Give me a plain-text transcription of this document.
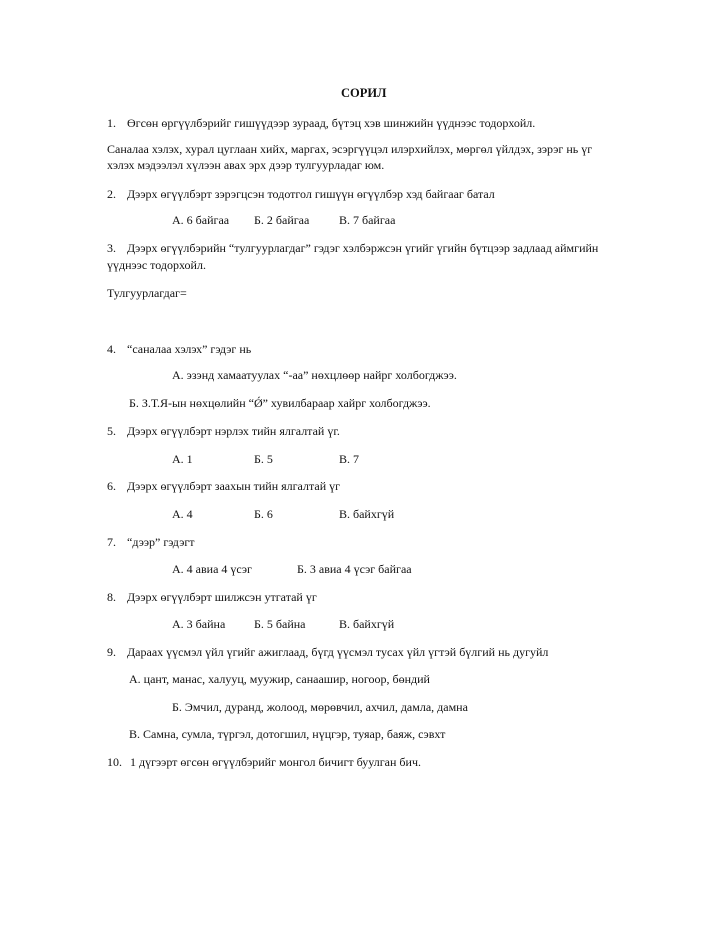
СОРИЛ
1. Өгсөн өргүүлбэрийг гишүүдээр зураад, бүтэц хэв шинжийн үүднээс тодорхойл.
Саналаа хэлэх, хурал цуглаан хийх, маргах, эсэргүүцэл илэрхийлэх, мөргөл үйлдэх, зэрэг нь үг
хэлэх мэдээлэл хүлээн авах эрх дээр тулгуурладаг юм.
2. Дээрх өгүүлбэрт зэрэгцсэн тодотгол гишүүн өгүүлбэр хэд байгааг батал
А. 6 байгаа Б. 2 байгаа В. 7 байгаа
3. Дээрх өгүүлбэрийн “тулгуурлагдаг” гэдэг хэлбэржсэн үгийг үгийн бүтцээр задлаад аймгийн
үүднээс тодорхойл.
Тулгуурлагдаг=
4. “саналаа хэлэх” гэдэг нь
А. эзэнд хамаатуулах “-аа” нөхцлөөр найрг холбогджээ.
Б. З.Т.Я-ын нөхцөлийн “Ǿ” хувилбараар хайрг холбогджээ.
5. Дээрх өгүүлбэрт нэрлэх тийн ялгалтай үг.
А. 1	Б. 5	В. 7
6. Дээрх өгүүлбэрт заахын тийн ялгалтай үг
А. 4	Б. 6	В. байхгүй
7. “дээр” гэдэгт
А. 4 авиа 4 үсэг	Б. 3 авиа 4 үсэг байгаа
8. Дээрх өгүүлбэрт шилжсэн утгатай үг
А. 3 байна Б. 5 байна	В. байхгүй
9. Дараах үүсмэл үйл үгийг ажиглаад, бүгд үүсмэл тусах үйл үгтэй бүлгий нь дугуйл
А. цант, манас, халууц, муужир, санаашир, ногоор, бөндий
Б. Эмчил, дуранд, жолоод, мөрөвчил, ахчил, дамла, дамна
В. Самна, сумла, түргэл, дотогшил, нүцгэр, туяар, баяж, сэвхт
10. 1 дүгээрт өгсөн өгүүлбэрийг монгол бичигт буулган бич.
